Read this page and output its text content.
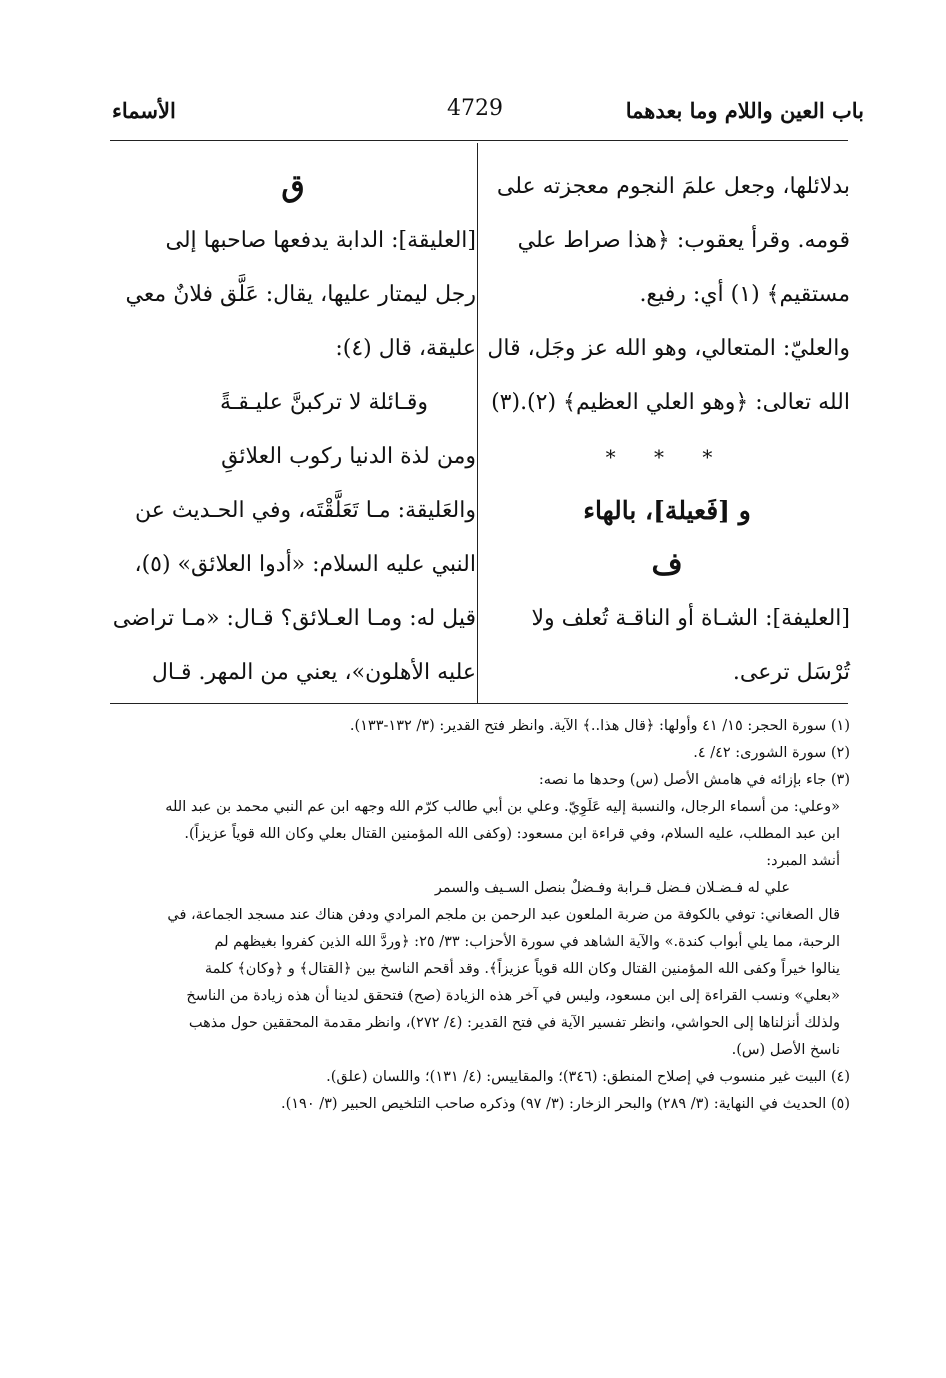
باب العين واللام وما بعدهما
4729
الأسماء
بدلائلها، وجعل علمَ النجوم معجزته على
قومه. وقرأ يعقوب: ﴿هذا صراط علي
مستقيم﴾ (١) أي: رفيع.
والعليّ: المتعالي، وهو الله عز وجَل، قال
الله تعالى: ﴿وهو العلي العظيم﴾ (٢).(٣)
* * *
و [فَعيلة]، بالهاء
ف
[العليفة]: الشـاة أو الناقـة تُعلف ولا
تُرْسَل ترعى.
ق
[العليقة]: الدابة يدفعها صاحبها إلى
رجل ليمتار عليها، يقال: عَلَّق فلانٌ معي
عليقة، قال (٤):
وقـائلة لا تركبنَّ عليـقـةً
ومن لذة الدنيا ركوب العلائقِ
والعَليقة: مـا تَعَلَّقْتَه، وفي الحـديث عن
النبي عليه السلام: «أدوا العلائق» (٥)،
قيل له: ومـا العـلائق؟ قـال: «مـا تراضى
عليه الأهلون»، يعني من المهر. قـال
(١) سورة الحجر: ١٥/ ٤١ وأولها: ﴿قال هذا..﴾ الآية. وانظر فتح القدير: (٣/ ١٣٢-١٣٣).
(٢) سورة الشورى: ٤٢/ ٤.
(٣) جاء بإزائه في هامش الأصل (س) وحدها ما نصه:
«وعلي: من أسماء الرجال، والنسبة إليه عَلَوِيّ. وعلي بن أبي طالب كرّم الله وجهه ابن عم النبي محمد بن عبد الله
ابن عبد المطلب، عليه السلام، وفي قراءة ابن مسعود: (وكفى الله المؤمنين القتال بعلي وكان الله قوياً عزيزاً).
أنشد المبرد:
علي له فـضـلان فـضل قـرابة وفـضلٌ بنصل السـيف والسمر
قال الصغاني: توفي بالكوفة من ضربة الملعون عبد الرحمن بن ملجم المرادي ودفن هناك عند مسجد الجماعة، في
الرحبة، مما يلي أبواب كندة.» والآية الشاهد في سورة الأحزاب: ٣٣/ ٢٥: ﴿وردَّ الله الذين كفروا بغيظهم لم
ينالوا خيراً وكفى الله المؤمنين القتال وكان الله قوياً عزيزاً﴾. وقد أقحم الناسخ بين ﴿القتال﴾ و ﴿وكان﴾ كلمة
«بعلي» ونسب القراءة إلى ابن مسعود، وليس في آخر هذه الزيادة (صح) فتحقق لدينا أن هذه زيادة من الناسخ
ولذلك أنزلناها إلى الحواشي، وانظر تفسير الآية في فتح القدير: (٤/ ٢٧٢)، وانظر مقدمة المحققين حول مذهب
ناسخ الأصل (س).
(٤) البيت غير منسوب في إصلاح المنطق: (٣٤٦)؛ والمقاييس: (٤/ ١٣١)؛ واللسان (علق).
(٥) الحديث في النهاية: (٣/ ٢٨٩) والبحر الزخار: (٣/ ٩٧) وذكره صاحب التلخيص الحبير (٣/ ١٩٠).
